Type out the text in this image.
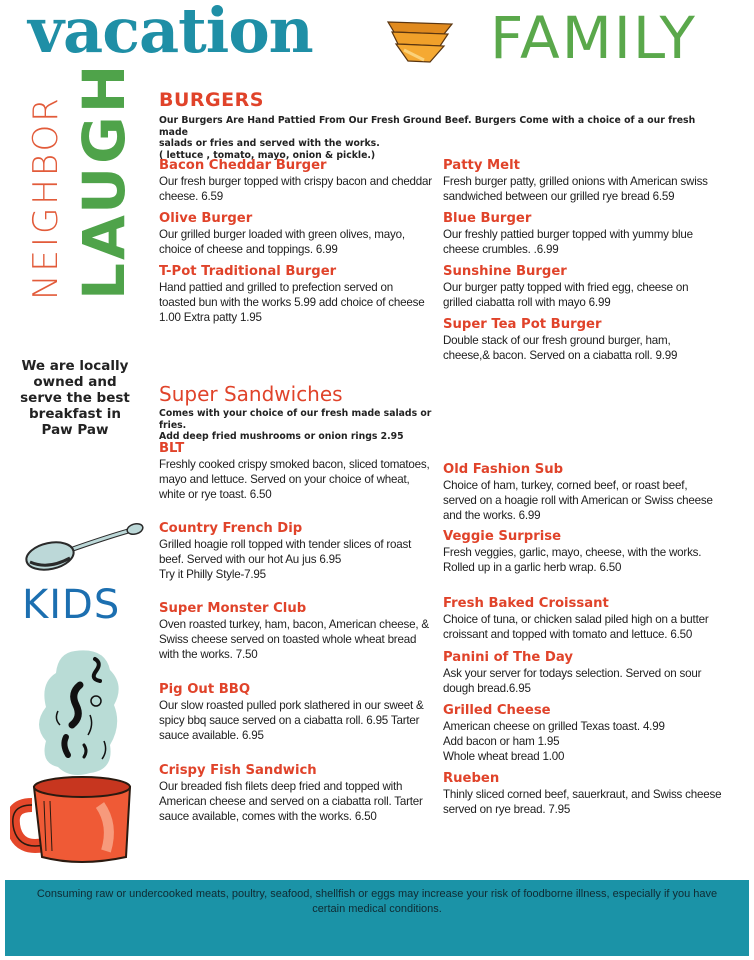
vacation	FAMILY
NEIGHBOR LAUGH
We are locally
owned and
serve the best
breakfast in
Paw Paw
KIDS
BURGERS
Our Burgers Are Hand Pattied From Our Fresh Ground Beef. Burgers Come with a choice of a our fresh made
salads or fries and served with the works.
( lettuce , tomato, mayo, onion & pickle.)
Bacon Cheddar Burger
Our fresh burger topped with crispy bacon and cheddar
cheese. 6.59
Olive Burger
Our grilled burger loaded with green olives, mayo,
choice of cheese and toppings. 6.99
T-Pot Traditional Burger
Hand pattied and grilled to prefection served on
toasted bun with the works 5.99 add choice of cheese
1.00 Extra patty 1.95
Patty Melt
Fresh burger patty, grilled onions with American swiss
sandwiched between our grilled rye bread 6.59
Blue Burger
Our freshly pattied burger topped with yummy blue
cheese crumbles. .6.99
Sunshine Burger
Our burger patty topped with fried egg, cheese on
grilled ciabatta roll with mayo 6.99
Super Tea Pot Burger
Double stack of our fresh ground burger, ham,
cheese,& bacon. Served on a ciabatta roll. 9.99
Super Sandwiches
Comes with your choice of our fresh made salads or fries.
Add deep fried mushrooms or onion rings 2.95
BLT
Freshly cooked crispy smoked bacon, sliced tomatoes,
mayo and lettuce. Served on your choice of wheat,
white or rye toast. 6.50
Country French Dip
Grilled hoagie roll topped with tender slices of roast
beef. Served with our hot Au jus 6.95
Try it Philly Style-7.95
Super Monster Club
Oven roasted turkey, ham, bacon, American cheese, &
Swiss cheese served on toasted whole wheat bread
with the works. 7.50
Pig Out BBQ
Our slow roasted pulled pork slathered in our sweet &
spicy bbq sauce served on a ciabatta roll. 6.95 Tarter
sauce available. 6.95
Crispy Fish Sandwich
Our breaded fish filets deep fried and topped with
American cheese and served on a ciabatta roll. Tarter
sauce available, comes with the works. 6.50
Old Fashion Sub
Choice of ham, turkey, corned beef, or roast beef,
served on a hoagie roll with American or Swiss cheese
and the works. 6.99
Veggie Surprise
Fresh veggies, garlic, mayo, cheese, with the works.
Rolled up in a garlic herb wrap. 6.50
Fresh Baked Croissant
Choice of tuna, or chicken salad piled high on a butter
croissant and topped with tomato and lettuce. 6.50
Panini of The Day
Ask your server for todays selection. Served on sour
dough bread.6.95
Grilled Cheese
American cheese on grilled Texas toast. 4.99
Add bacon or ham 1.95
Whole wheat bread 1.00
Rueben
Thinly sliced corned beef, sauerkraut, and Swiss cheese
served on rye bread. 7.95
Consuming raw or undercooked meats, poultry, seafood, shellfish or eggs may increase your risk of foodborne illness, especially if you have
certain medical conditions.
